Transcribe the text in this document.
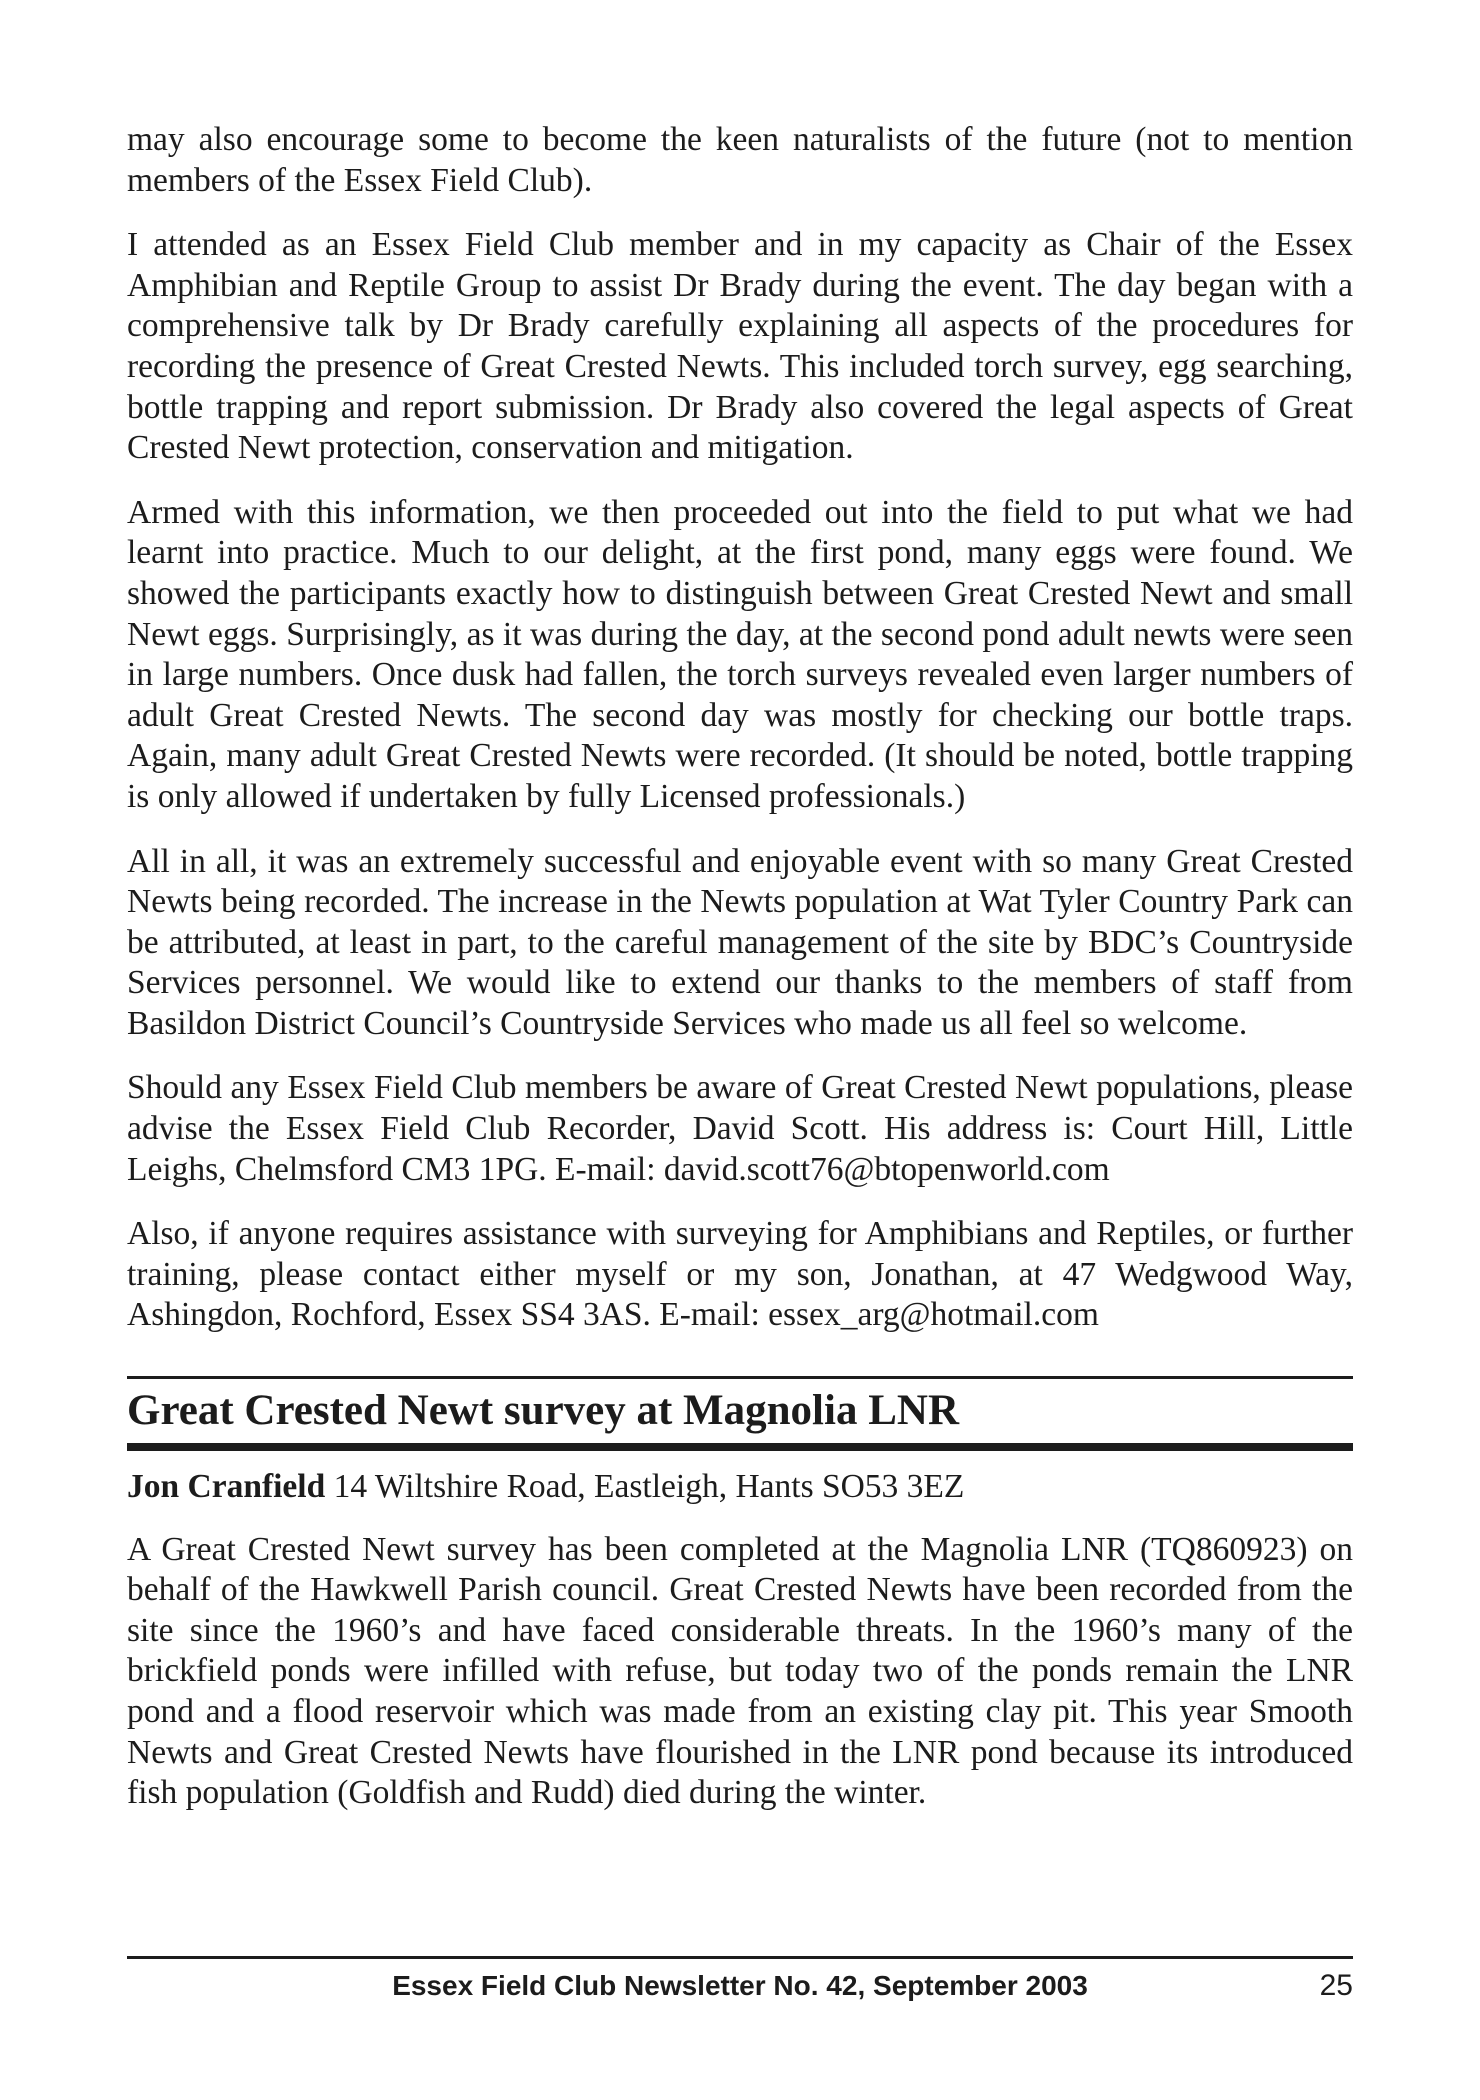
may also encourage some to become the keen naturalists of the future (not to mention members of the Essex Field Club).

I attended as an Essex Field Club member and in my capacity as Chair of the Essex Amphibian and Reptile Group to assist Dr Brady during the event. The day began with a comprehensive talk by Dr Brady carefully explaining all aspects of the procedures for recording the presence of Great Crested Newts. This included torch survey, egg searching, bottle trapping and report submission. Dr Brady also covered the legal aspects of Great Crested Newt protection, conservation and mitigation.

Armed with this information, we then proceeded out into the field to put what we had learnt into practice. Much to our delight, at the first pond, many eggs were found. We showed the participants exactly how to distinguish between Great Crested Newt and small Newt eggs. Surprisingly, as it was during the day, at the second pond adult newts were seen in large numbers. Once dusk had fallen, the torch surveys revealed even larger numbers of adult Great Crested Newts. The second day was mostly for checking our bottle traps. Again, many adult Great Crested Newts were recorded. (It should be noted, bottle trapping is only allowed if undertaken by fully Licensed professionals.)

All in all, it was an extremely successful and enjoyable event with so many Great Crested Newts being recorded. The increase in the Newts population at Wat Tyler Country Park can be attributed, at least in part, to the careful management of the site by BDC’s Countryside Services personnel. We would like to extend our thanks to the members of staff from Basildon District Council’s Countryside Services who made us all feel so welcome.

Should any Essex Field Club members be aware of Great Crested Newt populations, please advise the Essex Field Club Recorder, David Scott. His address is: Court Hill, Little Leighs, Chelmsford CM3 1PG. E-mail: david.scott76@btopenworld.com

Also, if anyone requires assistance with surveying for Amphibians and Reptiles, or further training, please contact either myself or my son, Jonathan, at 47 Wedgwood Way, Ashingdon, Rochford, Essex SS4 3AS. E-mail: essex_arg@hotmail.com

Great Crested Newt survey at Magnolia LNR

Jon Cranfield 14 Wiltshire Road, Eastleigh, Hants SO53 3EZ

A Great Crested Newt survey has been completed at the Magnolia LNR (TQ860923) on behalf of the Hawkwell Parish council. Great Crested Newts have been recorded from the site since the 1960’s and have faced considerable threats. In the 1960’s many of the brickfield ponds were infilled with refuse, but today two of the ponds remain the LNR pond and a flood reservoir which was made from an existing clay pit. This year Smooth Newts and Great Crested Newts have flourished in the LNR pond because its introduced fish population (Goldfish and Rudd) died during the winter.

Essex Field Club Newsletter No. 42, September 2003	25
